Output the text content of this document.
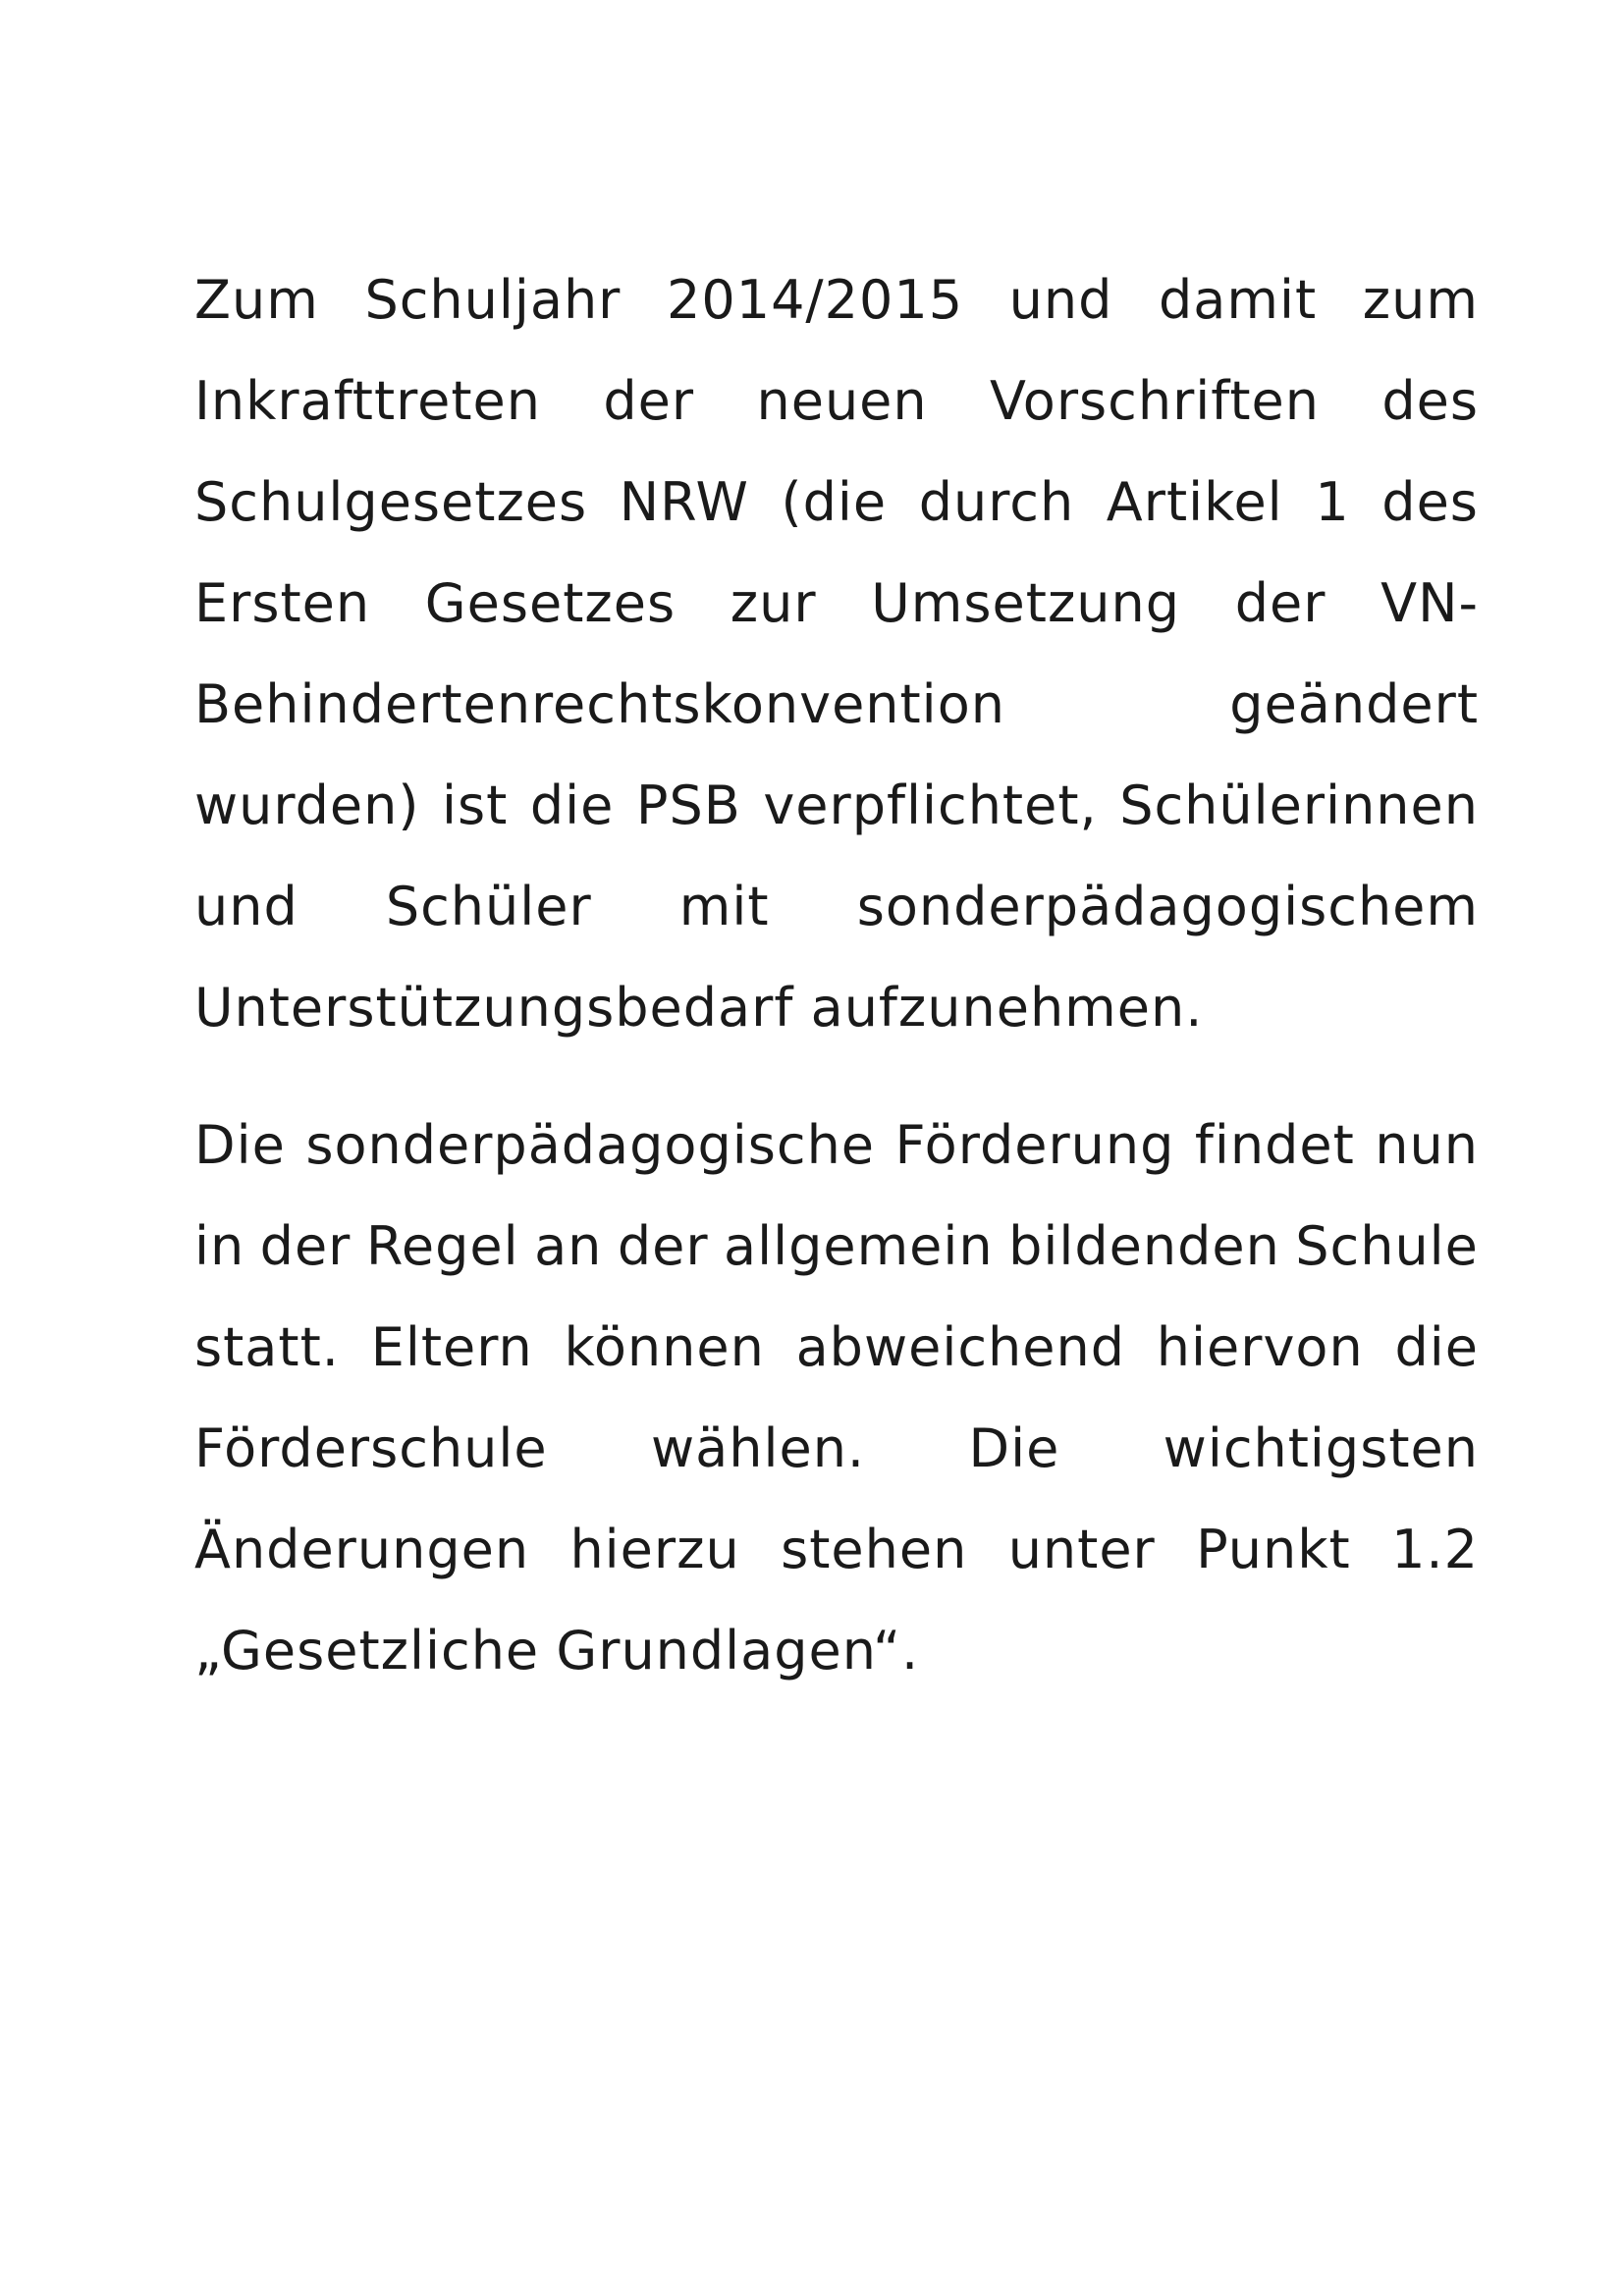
Zum Schuljahr 2014/2015 und damit zum
Inkrafttreten der neuen Vorschriften des
Schulgesetzes NRW (die durch Artikel 1 des
Ersten Gesetzes zur Umsetzung der VN-
Behindertenrechtskonvention	geändert
wurden) ist die PSB verpflichtet, Schülerinnen
und Schüler mit sonderpädagogischem
Unterstützungsbedarf aufzunehmen.
Die sonderpädagogische Förderung findet nun
in der Regel an der allgemein bildenden Schule
statt. Eltern können abweichend hiervon die
Förderschule wählen. Die wichtigsten
Änderungen hierzu stehen unter Punkt 1.2
„Gesetzliche Grundlagen“.
